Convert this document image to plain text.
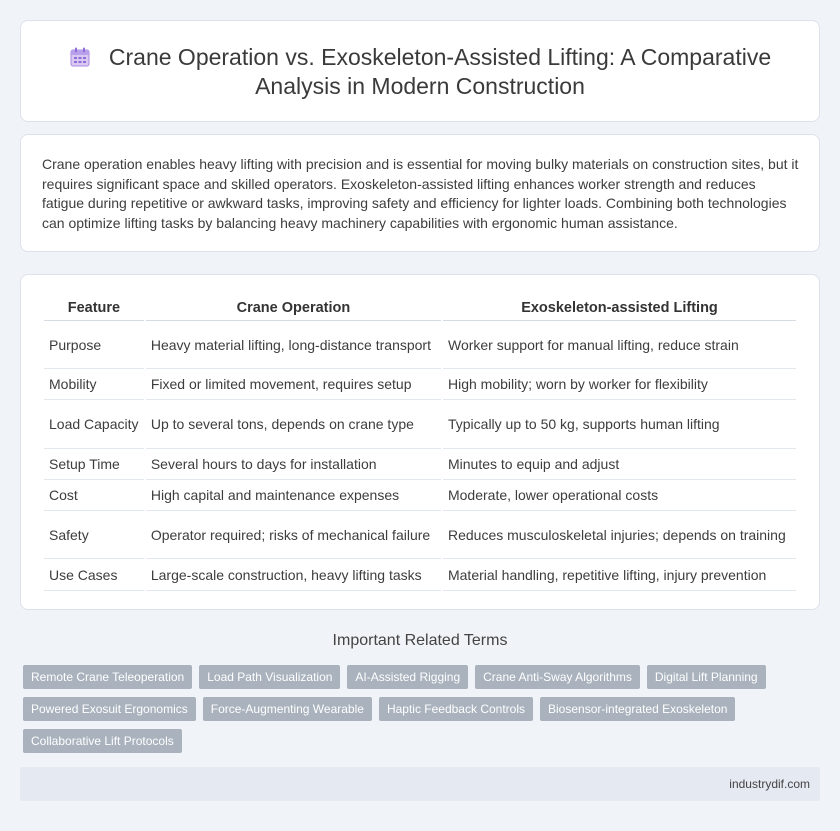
Crane Operation vs. Exoskeleton-Assisted Lifting: A Comparative Analysis in Modern Construction

Crane operation enables heavy lifting with precision and is essential for moving bulky materials on construction sites, but it requires significant space and skilled operators. Exoskeleton-assisted lifting enhances worker strength and reduces fatigue during repetitive or awkward tasks, improving safety and efficiency for lighter loads. Combining both technologies can optimize lifting tasks by balancing heavy machinery capabilities with ergonomic human assistance.

Feature	Crane Operation	Exoskeleton-assisted Lifting
Purpose	Heavy material lifting, long-distance transport	Worker support for manual lifting, reduce strain
Mobility	Fixed or limited movement, requires setup	High mobility; worn by worker for flexibility
Load Capacity	Up to several tons, depends on crane type	Typically up to 50 kg, supports human lifting
Setup Time	Several hours to days for installation	Minutes to equip and adjust
Cost	High capital and maintenance expenses	Moderate, lower operational costs
Safety	Operator required; risks of mechanical failure	Reduces musculoskeletal injuries; depends on training
Use Cases	Large-scale construction, heavy lifting tasks	Material handling, repetitive lifting, injury prevention
Important Related Terms
Remote Crane Teleoperation	Load Path Visualization	AI-Assisted Rigging	Crane Anti-Sway Algorithms	Digital Lift Planning
Powered Exosuit Ergonomics	Force-Augmenting Wearable	Haptic Feedback Controls	Biosensor-integrated Exoskeleton
Collaborative Lift Protocols
industrydif.com
